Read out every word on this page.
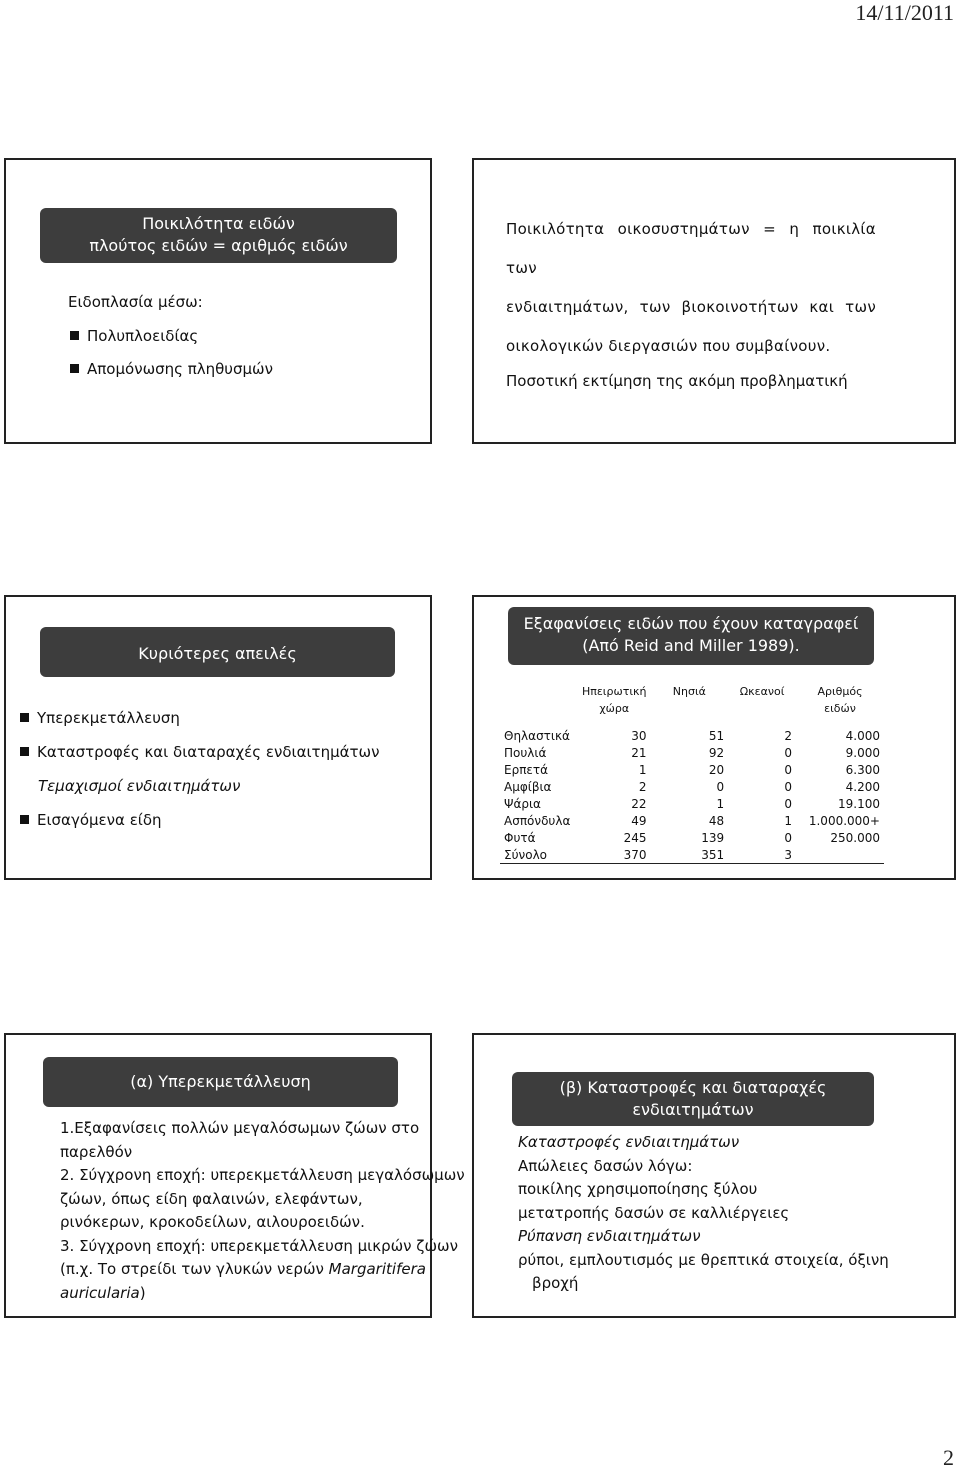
14/11/2011
Ποικιλότητα ειδών
πλούτος ειδών = αριθμός ειδών
Ειδοπλασία μέσω:
Πολυπλοειδίας
Απομόνωσης πληθυσμών
Ποικιλότητα οικοσυστημάτων = η ποικιλία των
ενδιαιτημάτων, των βιοκοινοτήτων και των
οικολογικών διεργασιών που συμβαίνουν.
Ποσοτική εκτίμηση της ακόμη προβληματική
Κυριότερες απειλές
Υπερεκμετάλλευση
Καταστροφές και διαταραχές ενδιαιτημάτων
Τεμαχισμοί ενδιαιτημάτων
Εισαγόμενα είδη
Εξαφανίσεις ειδών που έχουν καταγραφεί
(Από Reid and Miller 1989).
	Ηπειρωτική χώρα	Νησιά	Ωκεανοί	Αριθμός ειδών
Θηλαστικά	30	51	2	4.000
Πουλιά	21	92	0	9.000
Ερπετά	1	20	0	6.300
Αμφίβια	2	0	0	4.200
Ψάρια	22	1	0	19.100
Ασπόνδυλα	49	48	1	1.000.000+
Φυτά	245	139	0	250.000
Σύνολο	370	351	3	
(α) Υπερεκμετάλλευση
1.Εξαφανίσεις πολλών μεγαλόσωμων ζώων στο
παρελθόν
2. Σύγχρονη εποχή: υπερεκμετάλλευση μεγαλόσωμων
ζώων, όπως είδη φαλαινών, ελεφάντων,
ρινόκερων, κροκοδείλων, αιλουροειδών.
3. Σύγχρονη εποχή: υπερεκμετάλλευση μικρών ζώων
(π.χ. Το στρείδι των γλυκών νερών Margaritifera
auricularia)
(β) Καταστροφές και διαταραχές
ενδιαιτημάτων
Καταστροφές ενδιαιτημάτων
Απώλειες δασών λόγω:
ποικίλης χρησιμοποίησης ξύλου
μετατροπής δασών σε καλλιέργειες
Ρύπανση ενδιαιτημάτων
ρύποι, εμπλουτισμός με θρεπτικά στοιχεία, όξινη
βροχή
2
